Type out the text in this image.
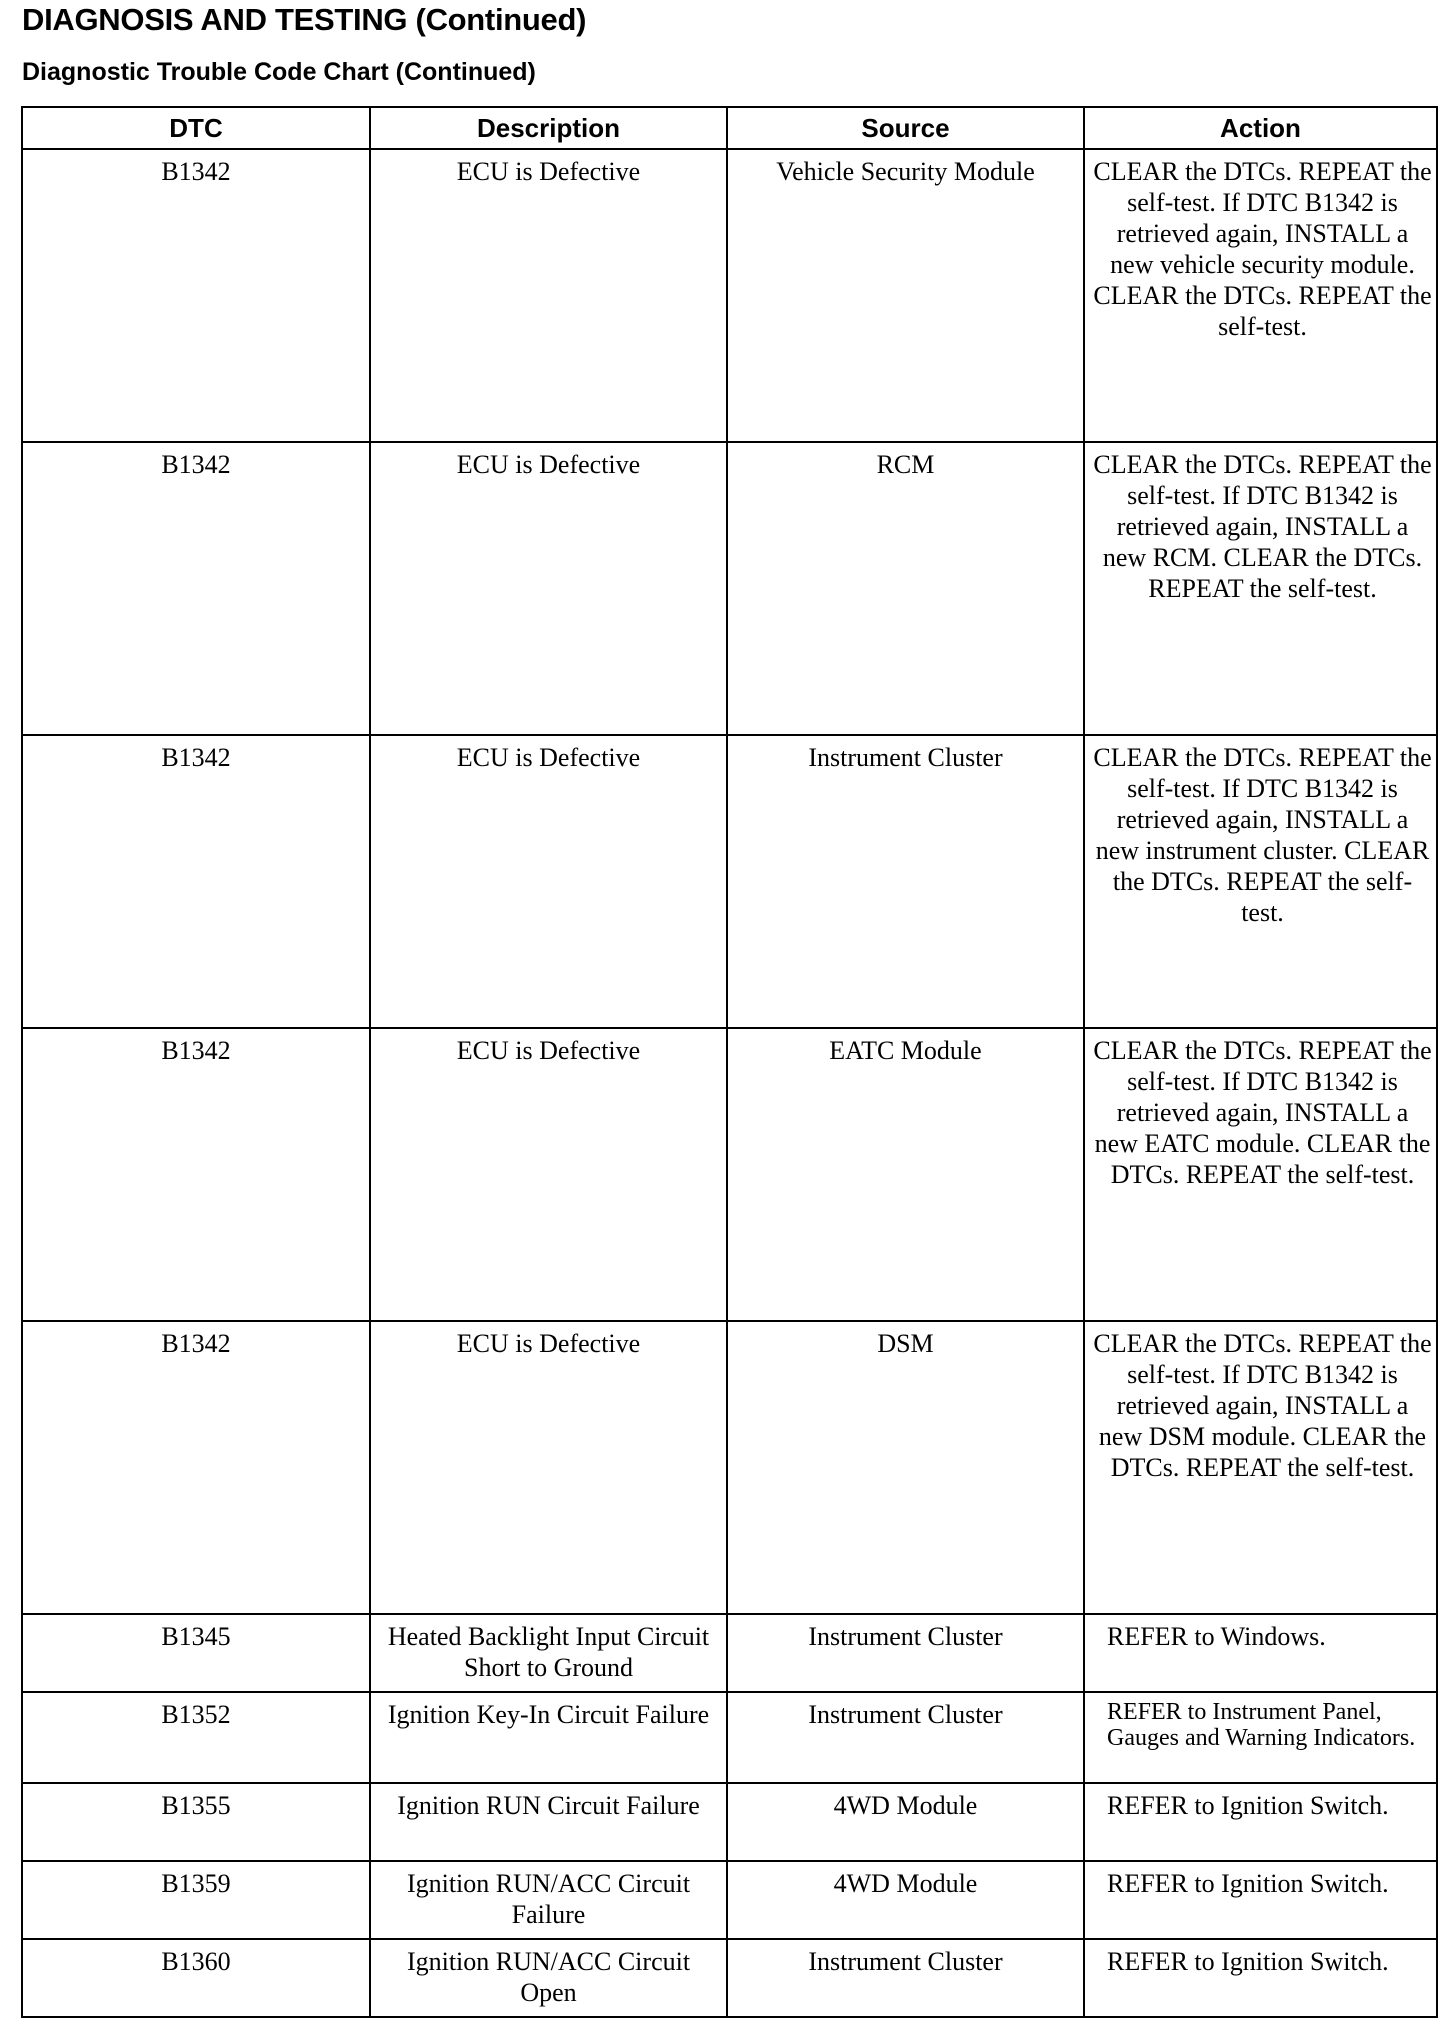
DIAGNOSIS AND TESTING (Continued)
Diagnostic Trouble Code Chart (Continued)
DTC	Description	Source	Action
B1342	ECU is Defective	Vehicle Security Module	CLEAR the DTCs. REPEAT the self-test. If DTC B1342 is retrieved again, INSTALL a new vehicle security module. CLEAR the DTCs. REPEAT the self-test.
B1342	ECU is Defective	RCM	CLEAR the DTCs. REPEAT the self-test. If DTC B1342 is retrieved again, INSTALL a new RCM. CLEAR the DTCs. REPEAT the self-test.
B1342	ECU is Defective	Instrument Cluster	CLEAR the DTCs. REPEAT the self-test. If DTC B1342 is retrieved again, INSTALL a new instrument cluster. CLEAR the DTCs. REPEAT the self-test.
B1342	ECU is Defective	EATC Module	CLEAR the DTCs. REPEAT the self-test. If DTC B1342 is retrieved again, INSTALL a new EATC module. CLEAR the DTCs. REPEAT the self-test.
B1342	ECU is Defective	DSM	CLEAR the DTCs. REPEAT the self-test. If DTC B1342 is retrieved again, INSTALL a new DSM module. CLEAR the DTCs. REPEAT the self-test.
B1345	Heated Backlight Input Circuit Short to Ground	Instrument Cluster	REFER to Windows.
B1352	Ignition Key-In Circuit Failure	Instrument Cluster	REFER to Instrument Panel, Gauges and Warning Indicators.
B1355	Ignition RUN Circuit Failure	4WD Module	REFER to Ignition Switch.
B1359	Ignition RUN/ACC Circuit Failure	4WD Module	REFER to Ignition Switch.
B1360	Ignition RUN/ACC Circuit Open	Instrument Cluster	REFER to Ignition Switch.
